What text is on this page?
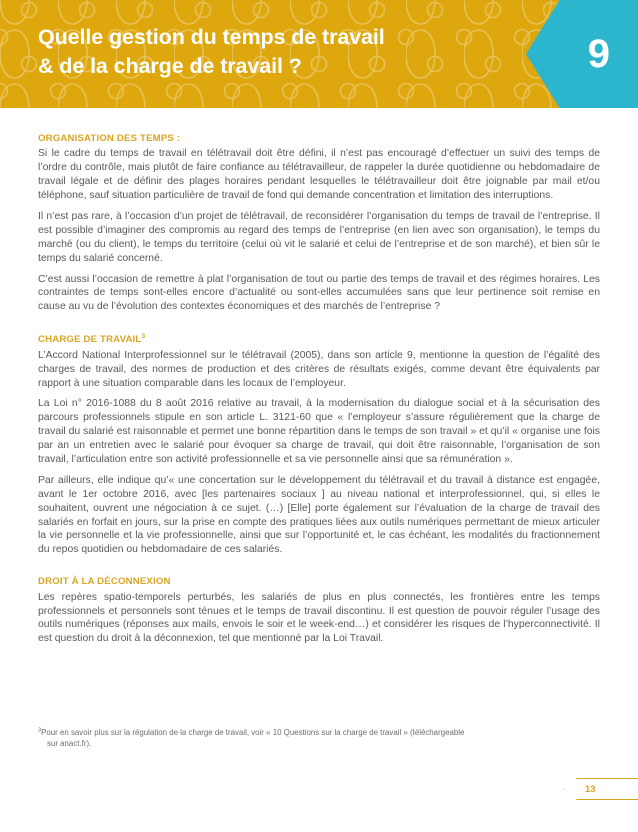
Quelle gestion du temps de travail
& de la charge de travail ?	9
ORGANISATION DES TEMPS :

Si le cadre du temps de travail en télétravail doit être défini, il n’est pas encouragé d’effectuer un suivi des temps de l’ordre du contrôle, mais plutôt de faire confiance au télétravailleur, de rappeler la durée quotidienne ou hebdomadaire de travail légale et de définir des plages horaires pendant lesquelles le télétravailleur doit être joignable par mail et/ou téléphone, sauf situation particulière de travail de fond qui demande concentration et limitation des interruptions.

Il n’est pas rare, à l’occasion d’un projet de télétravail, de reconsidérer l’organisation du temps de travail de l’entreprise. Il est possible d’imaginer des compromis au regard des temps de l’entreprise (en lien avec son organisation), le temps du marché (ou du client), le temps du territoire (celui où vit le salarié et celui de l’entreprise et de son marché), et bien sûr le temps du salarié concerné.

C’est aussi l’occasion de remettre à plat l’organisation de tout ou partie des temps de travail et des régimes horaires. Les contraintes de temps sont-elles encore d’actualité ou sont-elles accumulées sans que leur pertinence soit remise en cause au vu de l’évolution des contextes économiques et des marchés de l’entreprise ?

CHARGE DE TRAVAIL$^3$

L’Accord National Interprofessionnel sur le télétravail (2005), dans son article 9, mentionne la question de l’égalité des charges de travail, des normes de production et des critères de résultats exigés, comme devant être équivalents par rapport à une situation comparable dans les locaux de l’employeur.

La Loi n° 2016-1088 du 8 août 2016 relative au travail, à la modernisation du dialogue social et à la sécurisation des parcours professionnels stipule en son article L. 3121-60 que « l’employeur s’assure régulièrement que la charge de travail du salarié est raisonnable et permet une bonne répartition dans le temps de son travail » et qu’il « organise une fois par an un entretien avec le salarié pour évoquer sa charge de travail, qui doit être raisonnable, l’organisation de son travail, l’articulation entre son activité professionnelle et sa vie personnelle ainsi que sa rémunération ».

Par ailleurs, elle indique qu’« une concertation sur le développement du télétravail et du travail à distance est engagée, avant le 1er octobre 2016, avec [les partenaires sociaux ] au niveau national et interprofessionnel, qui, si elles le souhaitent, ouvrent une négociation à ce sujet. (…) [Elle] porte également sur l’évaluation de la charge de travail des salariés en forfait en jours, sur la prise en compte des pratiques liées aux outils numériques permettant de mieux articuler la vie personnelle et la vie professionnelle, ainsi que sur l’opportunité et, le cas échéant, les modalités du fractionnement du repos quotidien ou hebdomadaire de ces salariés.

DROIT À LA DÉCONNEXION

Les repères spatio-temporels perturbés, les salariés de plus en plus connectés, les frontières entre les temps professionnels et personnels sont ténues et le temps de travail discontinu. Il est question de pouvoir réguler l’usage des outils numériques (réponses aux mails, envois le soir et le week-end…) et considérer les risques de l’hyperconnectivité. Il est question du droit à la déconnexion, tel que mentionné par la Loi Travail.

$^3$Pour en savoir plus sur la régulation de la charge de travail, voir « 10 Questions sur la charge de travail » (téléchargeable
sur anact.fr).
13
